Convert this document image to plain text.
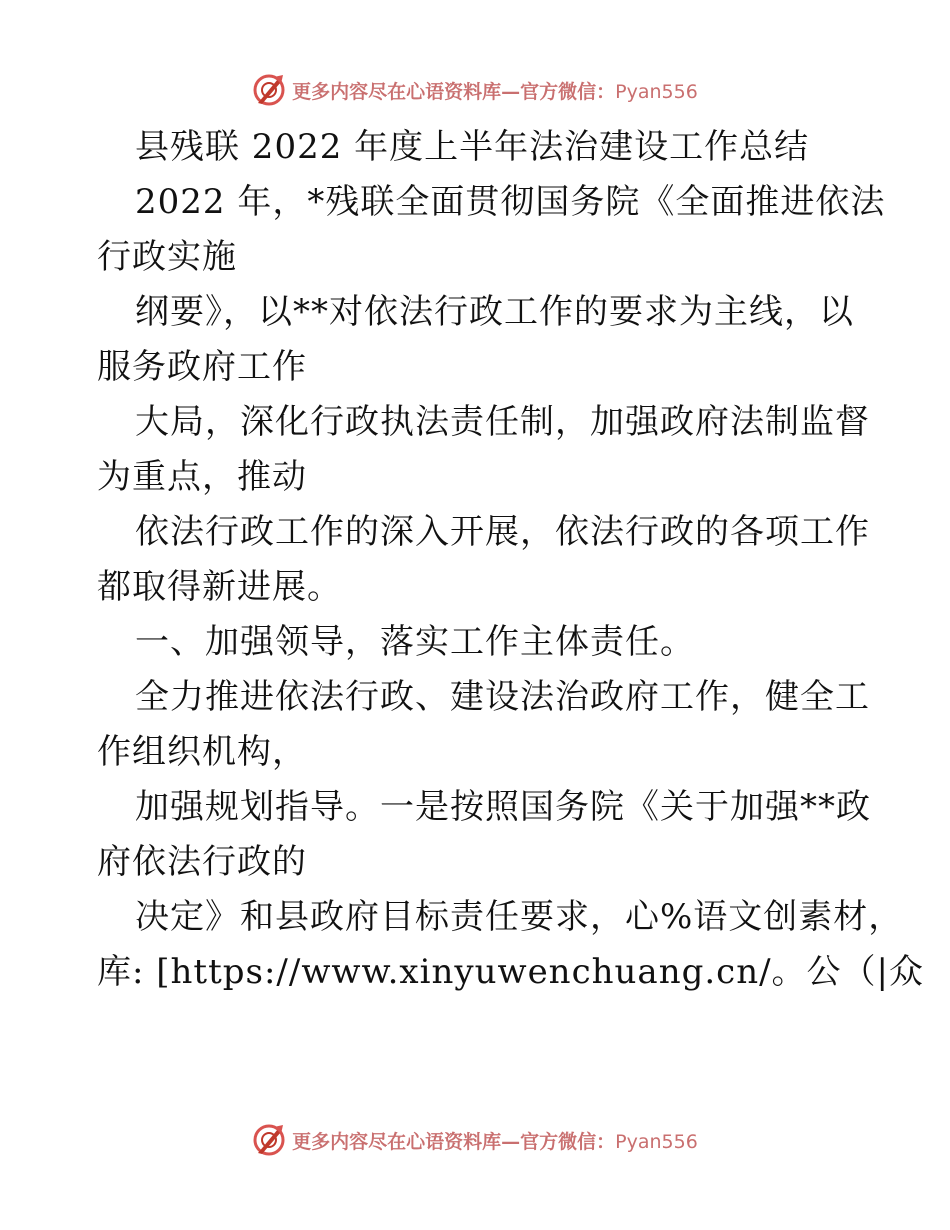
更多内容尽在心语资料库—官方微信：Pyan556
县残联 2022 年度上半年法治建设工作总结
2022 年，*残联全面贯彻国务院《全面推进依法
行政实施
纲要》，以**对依法行政工作的要求为主线，以
服务政府工作
大局，深化行政执法责任制，加强政府法制监督
为重点，推动
依法行政工作的深入开展，依法行政的各项工作
都取得新进展。
一、加强领导，落实工作主体责任。
全力推进依法行政、建设法治政府工作，健全工
作组织机构，
加强规划指导。一是按照国务院《关于加强**政
府依法行政的
决定》和县政府目标责任要求，心%语文创素材，
库: [https://www.xinyuwenchuang.cn/。公（|众
更多内容尽在心语资料库—官方微信：Pyan556
